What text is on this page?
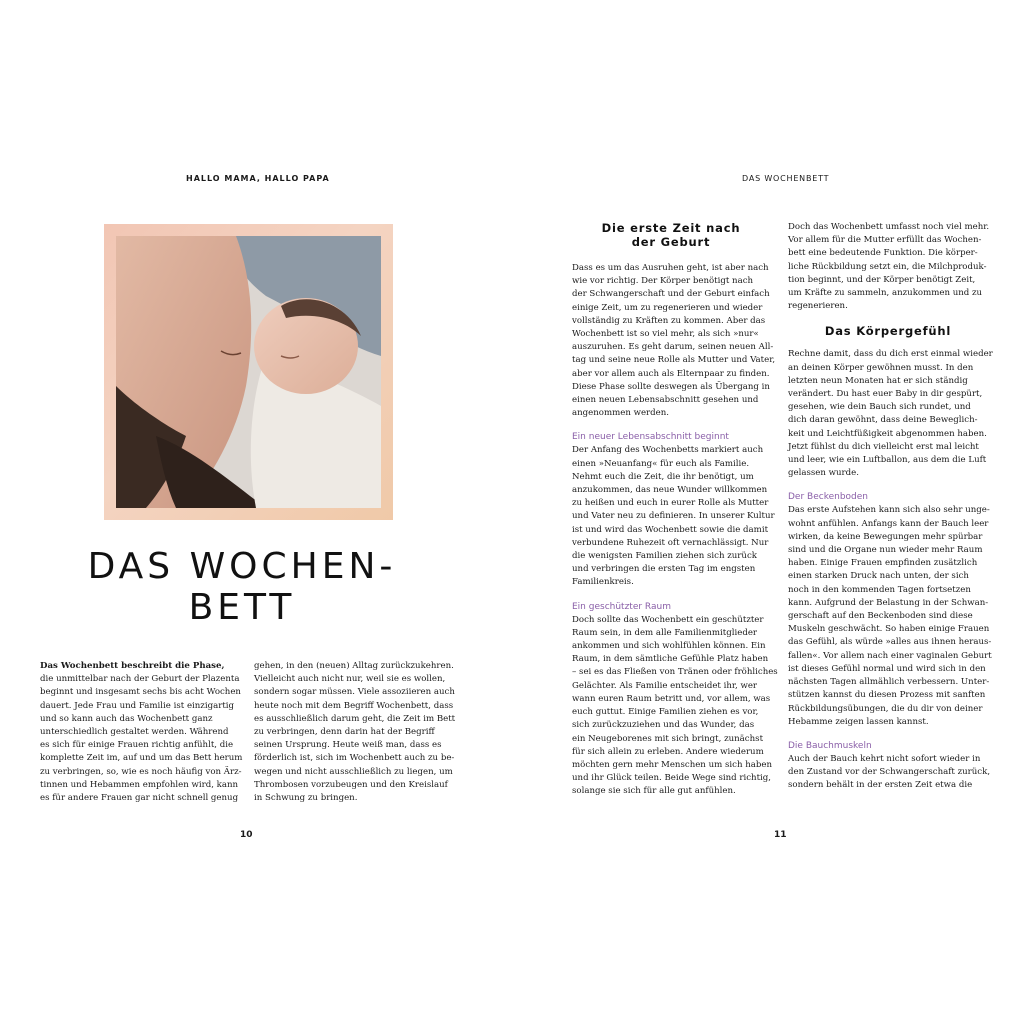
HALLO MAMA, HALLO PAPA
DAS WOCHEN-
BETT
Das Wochenbett beschreibt die Phase,
die unmittelbar nach der Geburt der Plazenta
beginnt und insgesamt sechs bis acht Wochen
dauert. Jede Frau und Familie ist einzigartig
und so kann auch das Wochenbett ganz
unterschiedlich gestaltet werden. Während
es sich für einige Frauen richtig anfühlt, die
komplette Zeit im, auf und um das Bett herum
zu verbringen, so, wie es noch häufig von Ärz-
tinnen und Hebammen empfohlen wird, kann
es für andere Frauen gar nicht schnell genug
gehen, in den (neuen) Alltag zurückzukehren.
Vielleicht auch nicht nur, weil sie es wollen,
sondern sogar müssen. Viele assoziieren auch
heute noch mit dem Begriff Wochenbett, dass
es ausschließlich darum geht, die Zeit im Bett
zu verbringen, denn darin hat der Begriff
seinen Ursprung. Heute weiß man, dass es
förderlich ist, sich im Wochenbett auch zu be-
wegen und nicht ausschließlich zu liegen, um
Thrombosen vorzubeugen und den Kreislauf
in Schwung zu bringen.
10
DAS WOCHENBETT
11
Die erste Zeit nach
der Geburt
Dass es um das Ausruhen geht, ist aber nach
wie vor richtig. Der Körper benötigt nach
der Schwangerschaft und der Geburt einfach
einige Zeit, um zu regenerieren und wieder
vollständig zu Kräften zu kommen. Aber das
Wochenbett ist so viel mehr, als sich »nur«
auszuruhen. Es geht darum, seinen neuen All-
tag und seine neue Rolle als Mutter und Vater,
aber vor allem auch als Elternpaar zu finden.
Diese Phase sollte deswegen als Übergang in
einen neuen Lebensabschnitt gesehen und
angenommen werden.
Ein neuer Lebensabschnitt beginnt
Der Anfang des Wochenbetts markiert auch
einen »Neuanfang« für euch als Familie.
Nehmt euch die Zeit, die ihr benötigt, um
anzukommen, das neue Wunder willkommen
zu heißen und euch in eurer Rolle als Mutter
und Vater neu zu definieren. In unserer Kultur
ist und wird das Wochenbett sowie die damit
verbundene Ruhezeit oft vernachlässigt. Nur
die wenigsten Familien ziehen sich zurück
und verbringen die ersten Tag im engsten
Familienkreis.
Ein geschützter Raum
Doch sollte das Wochenbett ein geschützter
Raum sein, in dem alle Familienmitglieder
ankommen und sich wohlfühlen können. Ein
Raum, in dem sämtliche Gefühle Platz haben
– sei es das Fließen von Tränen oder fröhliches
Gelächter. Als Familie entscheidet ihr, wer
wann euren Raum betritt und, vor allem, was
euch guttut. Einige Familien ziehen es vor,
sich zurückzuziehen und das Wunder, das
ein Neugeborenes mit sich bringt, zunächst
für sich allein zu erleben. Andere wiederum
möchten gern mehr Menschen um sich haben
und ihr Glück teilen. Beide Wege sind richtig,
solange sie sich für alle gut anfühlen.
Doch das Wochenbett umfasst noch viel mehr.
Vor allem für die Mutter erfüllt das Wochen-
bett eine bedeutende Funktion. Die körper-
liche Rückbildung setzt ein, die Milchproduk-
tion beginnt, und der Körper benötigt Zeit,
um Kräfte zu sammeln, anzukommen und zu
regenerieren.
Das Körpergefühl
Rechne damit, dass du dich erst einmal wieder
an deinen Körper gewöhnen musst. In den
letzten neun Monaten hat er sich ständig
verändert. Du hast euer Baby in dir gespürt,
gesehen, wie dein Bauch sich rundet, und
dich daran gewöhnt, dass deine Beweglich-
keit und Leichtfüßigkeit abgenommen haben.
Jetzt fühlst du dich vielleicht erst mal leicht
und leer, wie ein Luftballon, aus dem die Luft
gelassen wurde.
Der Beckenboden
Das erste Aufstehen kann sich also sehr unge-
wohnt anfühlen. Anfangs kann der Bauch leer
wirken, da keine Bewegungen mehr spürbar
sind und die Organe nun wieder mehr Raum
haben. Einige Frauen empfinden zusätzlich
einen starken Druck nach unten, der sich
noch in den kommenden Tagen fortsetzen
kann. Aufgrund der Belastung in der Schwan-
gerschaft auf den Beckenboden sind diese
Muskeln geschwächt. So haben einige Frauen
das Gefühl, als würde »alles aus ihnen heraus-
fallen«. Vor allem nach einer vaginalen Geburt
ist dieses Gefühl normal und wird sich in den
nächsten Tagen allmählich verbessern. Unter-
stützen kannst du diesen Prozess mit sanften
Rückbildungsübungen, die du dir von deiner
Hebamme zeigen lassen kannst.
Die Bauchmuskeln
Auch der Bauch kehrt nicht sofort wieder in
den Zustand vor der Schwangerschaft zurück,
sondern behält in der ersten Zeit etwa die
